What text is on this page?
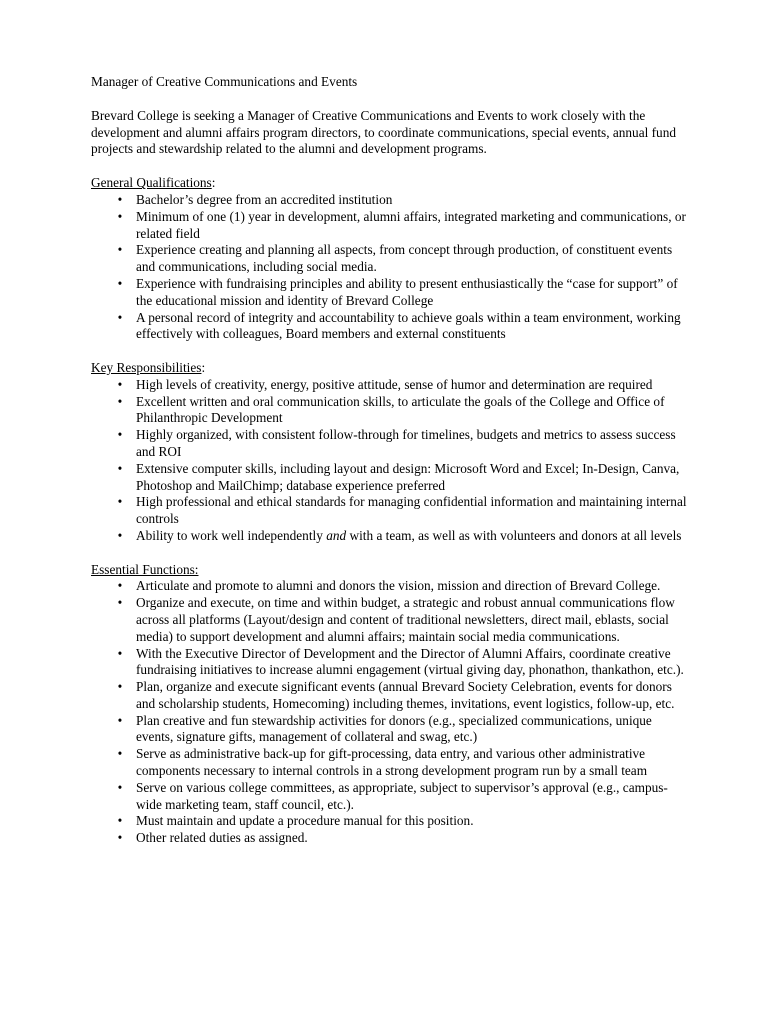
Manager of Creative Communications and Events

Brevard College is seeking a Manager of Creative Communications and Events to work closely with the development and alumni affairs program directors, to coordinate communications, special events, annual fund projects and stewardship related to the alumni and development programs.

General Qualifications:

• Bachelor’s degree from an accredited institution
• Minimum of one (1) year in development, alumni affairs, integrated marketing and communications, or related field
• Experience creating and planning all aspects, from concept through production, of constituent events and communications, including social media.
• Experience with fundraising principles and ability to present enthusiastically the “case for support” of the educational mission and identity of Brevard College
• A personal record of integrity and accountability to achieve goals within a team environment, working effectively with colleagues, Board members and external constituents

Key Responsibilities:

• High levels of creativity, energy, positive attitude, sense of humor and determination are required
• Excellent written and oral communication skills, to articulate the goals of the College and Office of Philanthropic Development
• Highly organized, with consistent follow-through for timelines, budgets and metrics to assess success and ROI
• Extensive computer skills, including layout and design: Microsoft Word and Excel; In-Design, Canva, Photoshop and MailChimp; database experience preferred
• High professional and ethical standards for managing confidential information and maintaining internal controls
• Ability to work well independently and with a team, as well as with volunteers and donors at all levels

Essential Functions:

• Articulate and promote to alumni and donors the vision, mission and direction of Brevard College.
• Organize and execute, on time and within budget, a strategic and robust annual communications flow across all platforms (Layout/design and content of traditional newsletters, direct mail, eblasts, social media) to support development and alumni affairs; maintain social media communications.
• With the Executive Director of Development and the Director of Alumni Affairs, coordinate creative fundraising initiatives to increase alumni engagement (virtual giving day, phonathon, thankathon, etc.).
• Plan, organize and execute significant events (annual Brevard Society Celebration, events for donors and scholarship students, Homecoming) including themes, invitations, event logistics, follow-up, etc.
• Plan creative and fun stewardship activities for donors (e.g., specialized communications, unique events, signature gifts, management of collateral and swag, etc.)
• Serve as administrative back-up for gift-processing, data entry, and various other administrative components necessary to internal controls in a strong development program run by a small team
• Serve on various college committees, as appropriate, subject to supervisor’s approval (e.g., campus-wide marketing team, staff council, etc.).
• Must maintain and update a procedure manual for this position.
• Other related duties as assigned.
